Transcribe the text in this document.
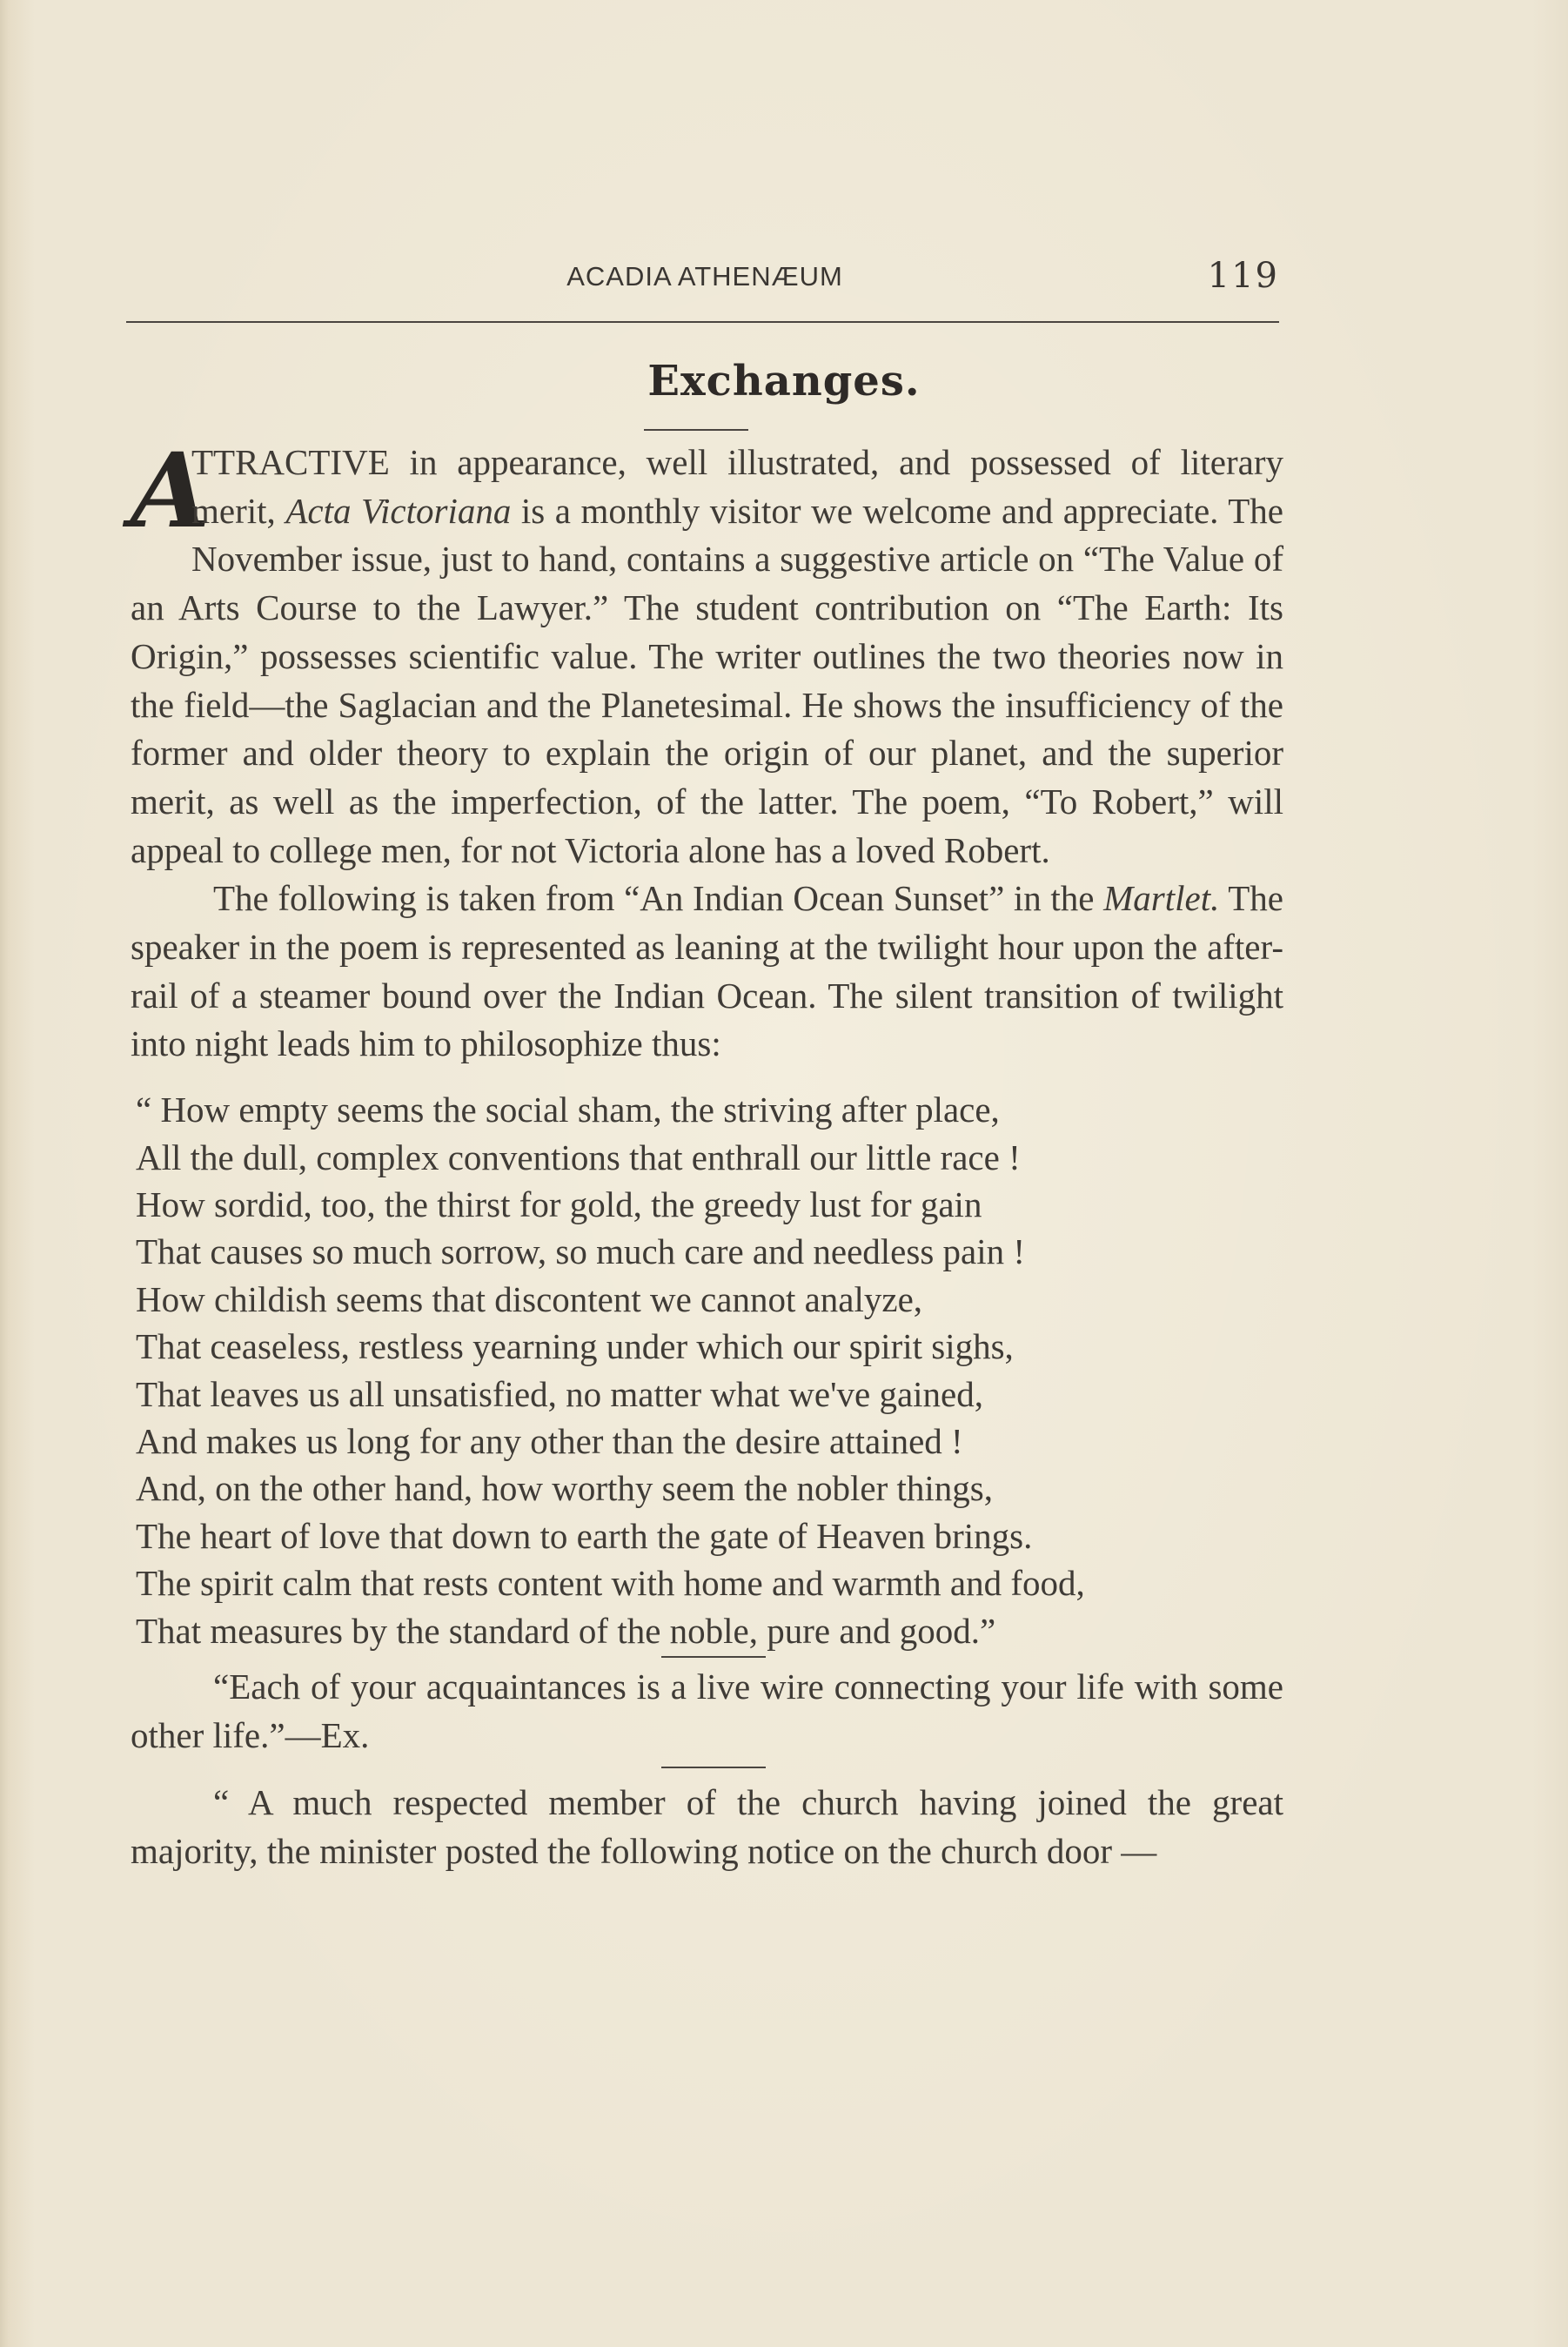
ACADIA ATHENÆUM	119
Exchanges.

A
TTRACTIVE in appearance, well illustrated, and possessed of literary merit, Acta Victoriana is a monthly visitor we welcome and appreciate. The November issue, just to hand, contains a suggestive article on “The Value of an Arts Course to the Lawyer.” The student contribution on “The Earth: Its Origin,” possesses scientific value. The writer outlines the two theories now in the field—the Saglacian and the Planetesimal. He shows the insufficiency of the former and older theory to explain the origin of our planet, and the superior merit, as well as the imperfection, of the latter. The poem, “To Robert,” will appeal to college men, for not Victoria alone has a loved Robert.

The following is taken from “An Indian Ocean Sunset” in the Martlet. The speaker in the poem is represented as leaning at the twilight hour upon the after-rail of a steamer bound over the Indian Ocean. The silent transition of twilight into night leads him to philosophize thus:

“ How empty seems the social sham, the striving after place,
All the dull, complex conventions that enthrall our little race !
How sordid, too, the thirst for gold, the greedy lust for gain
That causes so much sorrow, so much care and needless pain !
How childish seems that discontent we cannot analyze,
That ceaseless, restless yearning under which our spirit sighs,
That leaves us all unsatisfied, no matter what we've gained,
And makes us long for any other than the desire attained !
And, on the other hand, how worthy seem the nobler things,
The heart of love that down to earth the gate of Heaven brings.
The spirit calm that rests content with home and warmth and food,
That measures by the standard of the noble, pure and good.”

“Each of your acquaintances is a live wire connecting your life with some other life.”—Ex.

“ A much respected member of the church having joined the great majority, the minister posted the following notice on the church door —
